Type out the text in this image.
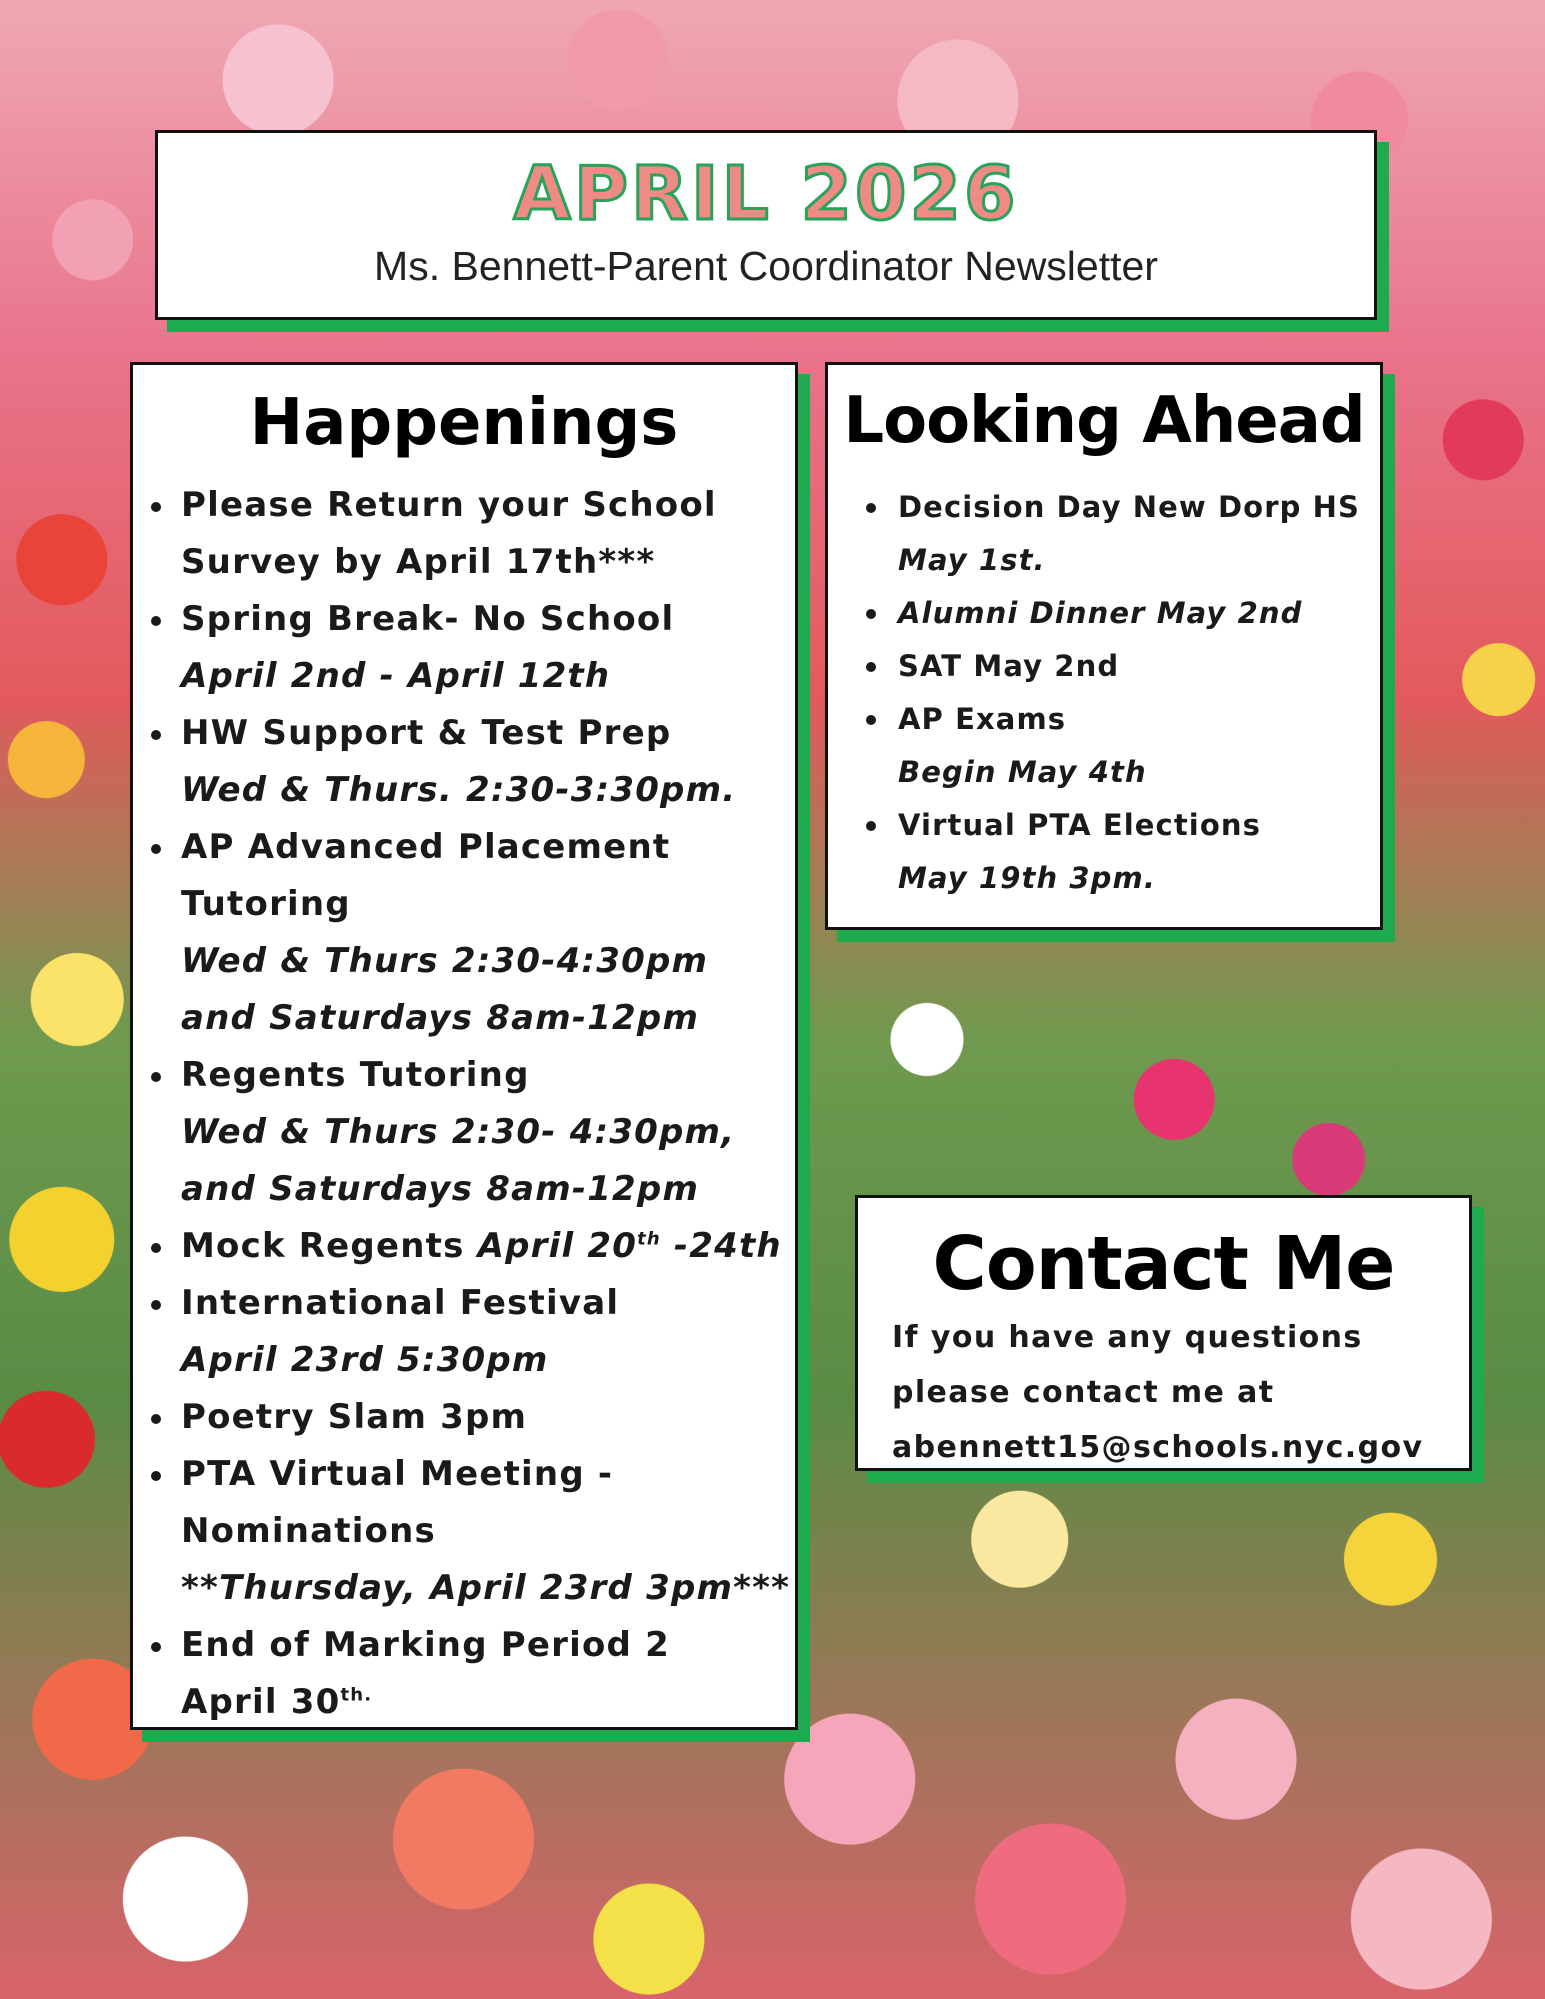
APRIL 2026
Ms. Bennett-Parent Coordinator Newsletter
Happenings
Please Return your School
Survey by April 17th***
Spring Break- No School
April 2nd - April 12th
HW Support & Test Prep
Wed & Thurs. 2:30-3:30pm.
AP Advanced Placement
Tutoring
Wed & Thurs 2:30-4:30pm
and Saturdays 8am-12pm
Regents Tutoring
Wed & Thurs 2:30- 4:30pm,
and Saturdays 8am-12pm
Mock Regents April 20th -24th
International Festival
April 23rd 5:30pm
Poetry Slam 3pm
PTA Virtual Meeting -
Nominations
**Thursday, April 23rd 3pm***
End of Marking Period 2
April $30^{th.}$
Looking Ahead
Decision Day New Dorp HS
May 1st.
Alumni Dinner May 2nd
SAT May 2nd
AP Exams
Begin May 4th
Virtual PTA Elections
May 19th 3pm.
Contact Me
If you have any questions
please contact me at
abennett15@schools.nyc.gov
